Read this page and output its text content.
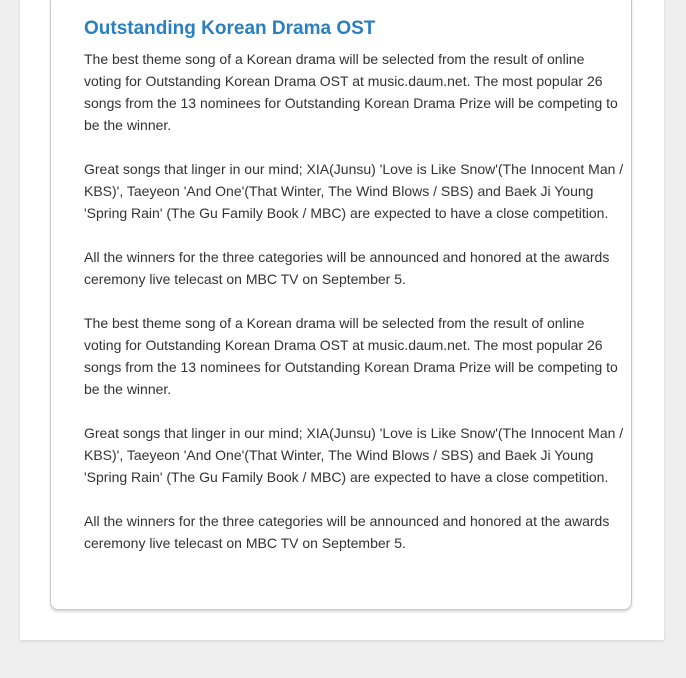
Outstanding Korean Drama OST

The best theme song of a Korean drama will be selected from the result of online voting for Outstanding Korean Drama OST at music.daum.net. The most popular 26 songs from the 13 nominees for Outstanding Korean Drama Prize will be competing to be the winner.

Great songs that linger in our mind; XIA(Junsu) 'Love is Like Snow'(The Innocent Man / KBS)', Taeyeon 'And One'(That Winter, The Wind Blows / SBS) and Baek Ji Young 'Spring Rain' (The Gu Family Book / MBC) are expected to have a close competition.

All the winners for the three categories will be announced and honored at the awards ceremony live telecast on MBC TV on September 5.

The best theme song of a Korean drama will be selected from the result of online voting for Outstanding Korean Drama OST at music.daum.net. The most popular 26 songs from the 13 nominees for Outstanding Korean Drama Prize will be competing to be the winner.

Great songs that linger in our mind; XIA(Junsu) 'Love is Like Snow'(The Innocent Man / KBS)', Taeyeon 'And One'(That Winter, The Wind Blows / SBS) and Baek Ji Young 'Spring Rain' (The Gu Family Book / MBC) are expected to have a close competition.

All the winners for the three categories will be announced and honored at the awards ceremony live telecast on MBC TV on September 5.
